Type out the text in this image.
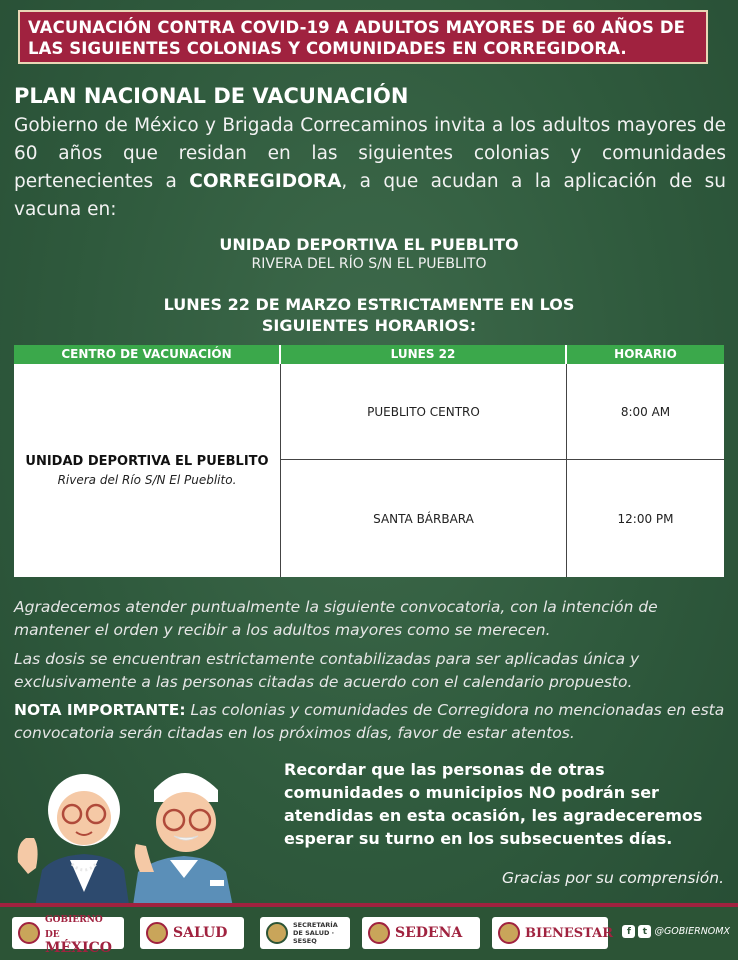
VACUNACIÓN CONTRA COVID-19 A ADULTOS MAYORES DE 60 AÑOS DE
LAS SIGUIENTES COLONIAS Y COMUNIDADES EN CORREGIDORA.
PLAN NACIONAL DE VACUNACIÓN
Gobierno de México y Brigada Correcaminos invita a los adultos mayores de 60 años que residan en las siguientes colonias y comunidades pertenecientes a CORREGIDORA, a que acudan a la aplicación de su vacuna en:
UNIDAD DEPORTIVA EL PUEBLITO
RIVERA DEL RÍO S/N EL PUEBLITO
LUNES 22 DE MARZO ESTRICTAMENTE EN LOS
SIGUIENTES HORARIOS:
CENTRO DE VACUNACIÓN	LUNES 22	HORARIO
UNIDAD DEPORTIVA EL PUEBLITO
Rivera del Río S/N El Pueblito.
PUEBLITO CENTRO	8:00 AM
SANTA BÁRBARA	12:00 PM
Agradecemos atender puntualmente la siguiente convocatoria, con la intención de mantener el orden y recibir a los adultos mayores como se merecen.
Las dosis se encuentran estrictamente contabilizadas para ser aplicadas única y exclusivamente a las personas citadas de acuerdo con el calendario propuesto.
NOTA IMPORTANTE: Las colonias y comunidades de Corregidora no mencionadas en esta convocatoria serán citadas en los próximos días, favor de estar atentos.
Recordar que las personas de otras comunidades o municipios NO podrán ser atendidas en esta ocasión, les agradeceremos esperar su turno en los subsecuentes días.
Gracias por su comprensión.
GOBIERNO DE
MÉXICO
SALUD	SECRETARÍA DE SALUD · SESEQ
SEDENA	BIENESTAR	f	t @GOBIERNOMX
